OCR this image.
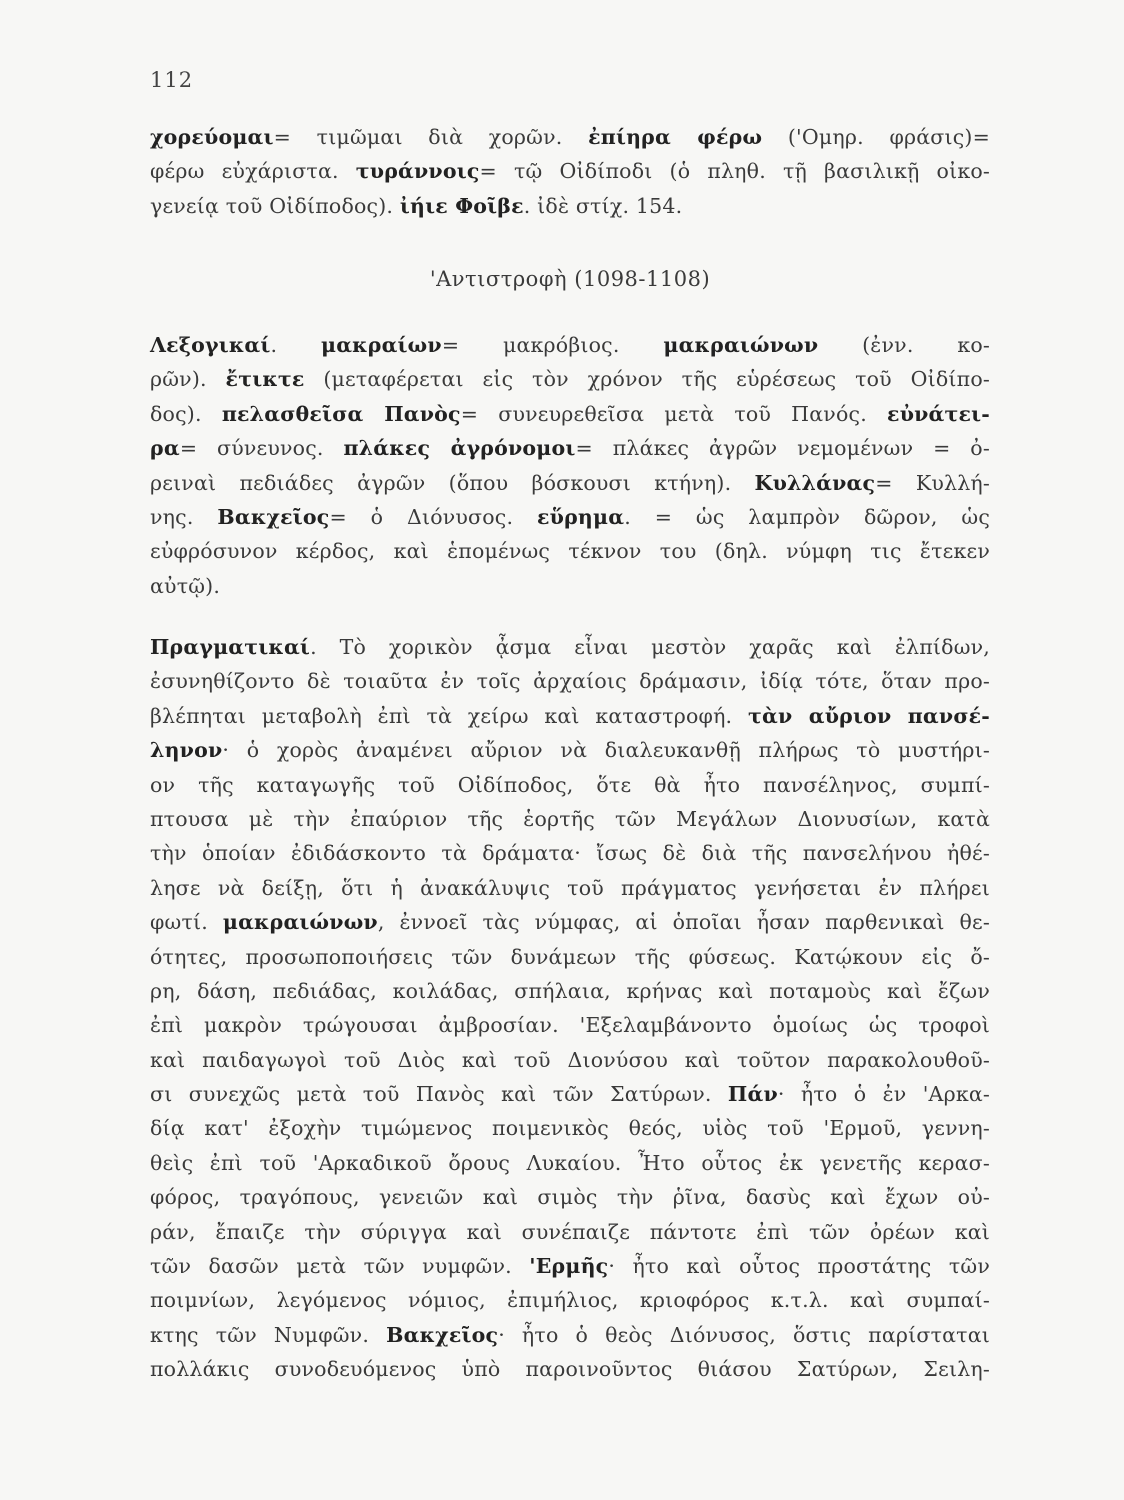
112
χορεύομαι= τιμῶμαι διὰ χορῶν. ἐπίηρα φέρω ('Ομηρ. φράσις)=
φέρω εὐχάριστα. τυράννοις= τῷ Οἰδίποδι (ὁ πληθ. τῇ βασιλικῇ οἰκο-
γενείᾳ τοῦ Οἰδίποδος). ἰήιε Φοῖβε. ἰδὲ στίχ. 154.
'Αντιστροφὴ (1098-1108)
Λεξογικαί. μακραίων= μακρόβιος. μακραιώνων (ἐνν. κο-
ρῶν). ἔτικτε (μεταφέρεται εἰς τὸν χρόνον τῆς εὑρέσεως τοῦ Οἰδίπο-
δος). πελασθεῖσα Πανὸς= συνευρεθεῖσα μετὰ τοῦ Πανός. εὐνάτει-
ρα= σύνευνος. πλάκες ἀγρόνομοι= πλάκες ἀγρῶν νεμομένων = ὀ-
ρειναὶ πεδιάδες ἀγρῶν (ὅπου βόσκουσι κτήνη). Κυλλάνας= Κυλλή-
νης. Βακχεῖος= ὁ Διόνυσος. εὕρημα. = ὡς λαμπρὸν δῶρον, ὡς
εὐφρόσυνον κέρδος, καὶ ἑπομένως τέκνον του (δηλ. νύμφη τις ἔτεκεν
αὐτῷ).
Πραγματικαί. Τὸ χορικὸν ᾆσμα εἶναι μεστὸν χαρᾶς καὶ ἐλπίδων,
ἐσυνηθίζοντο δὲ τοιαῦτα ἐν τοῖς ἀρχαίοις δράμασιν, ἰδίᾳ τότε, ὅταν προ-
βλέπηται μεταβολὴ ἐπὶ τὰ χείρω καὶ καταστροφή. τὰν αὔριον πανσέ-
ληνον· ὁ χορὸς ἀναμένει αὔριον νὰ διαλευκανθῇ πλήρως τὸ μυστήρι-
ον τῆς καταγωγῆς τοῦ Οἰδίποδος, ὅτε θὰ ἦτο πανσέληνος, συμπί-
πτουσα μὲ τὴν ἐπαύριον τῆς ἑορτῆς τῶν Μεγάλων Διονυσίων, κατὰ
τὴν ὁποίαν ἐδιδάσκοντο τὰ δράματα· ἴσως δὲ διὰ τῆς πανσελήνου ἠθέ-
λησε νὰ δείξῃ, ὅτι ἡ ἀνακάλυψις τοῦ πράγματος γενήσεται ἐν πλήρει
φωτί. μακραιώνων, ἐννοεῖ τὰς νύμφας, αἱ ὁποῖαι ἦσαν παρθενικαὶ θε-
ότητες, προσωποποιήσεις τῶν δυνάμεων τῆς φύσεως. Κατῴκουν εἰς ὄ-
ρη, δάση, πεδιάδας, κοιλάδας, σπήλαια, κρήνας καὶ ποταμοὺς καὶ ἔζων
ἐπὶ μακρὸν τρώγουσαι ἀμβροσίαν. 'Εξελαμβάνοντο ὁμοίως ὡς τροφοὶ
καὶ παιδαγωγοὶ τοῦ Διὸς καὶ τοῦ Διονύσου καὶ τοῦτον παρακολουθοῦ-
σι συνεχῶς μετὰ τοῦ Πανὸς καὶ τῶν Σατύρων. Πάν· ἦτο ὁ ἐν 'Αρκα-
δίᾳ κατ' ἐξοχὴν τιμώμενος ποιμενικὸς θεός, υἱὸς τοῦ 'Ερμοῦ, γεννη-
θεὶς ἐπὶ τοῦ 'Αρκαδικοῦ ὄρους Λυκαίου. Ἦτο οὗτος ἐκ γενετῆς κερασ-
φόρος, τραγόπους, γενειῶν καὶ σιμὸς τὴν ῥῖνα, δασὺς καὶ ἔχων οὐ-
ράν, ἔπαιζε τὴν σύριγγα καὶ συνέπαιζε πάντοτε ἐπὶ τῶν ὀρέων καὶ
τῶν δασῶν μετὰ τῶν νυμφῶν. 'Ερμῆς· ἦτο καὶ οὗτος προστάτης τῶν
ποιμνίων, λεγόμενος νόμιος, ἐπιμήλιος, κριοφόρος κ.τ.λ. καὶ συμπαί-
κτης τῶν Νυμφῶν. Βακχεῖος· ἦτο ὁ θεὸς Διόνυσος, ὅστις παρίσταται
πολλάκις συνοδευόμενος ὑπὸ παροινοῦντος θιάσου Σατύρων, Σειλη-
